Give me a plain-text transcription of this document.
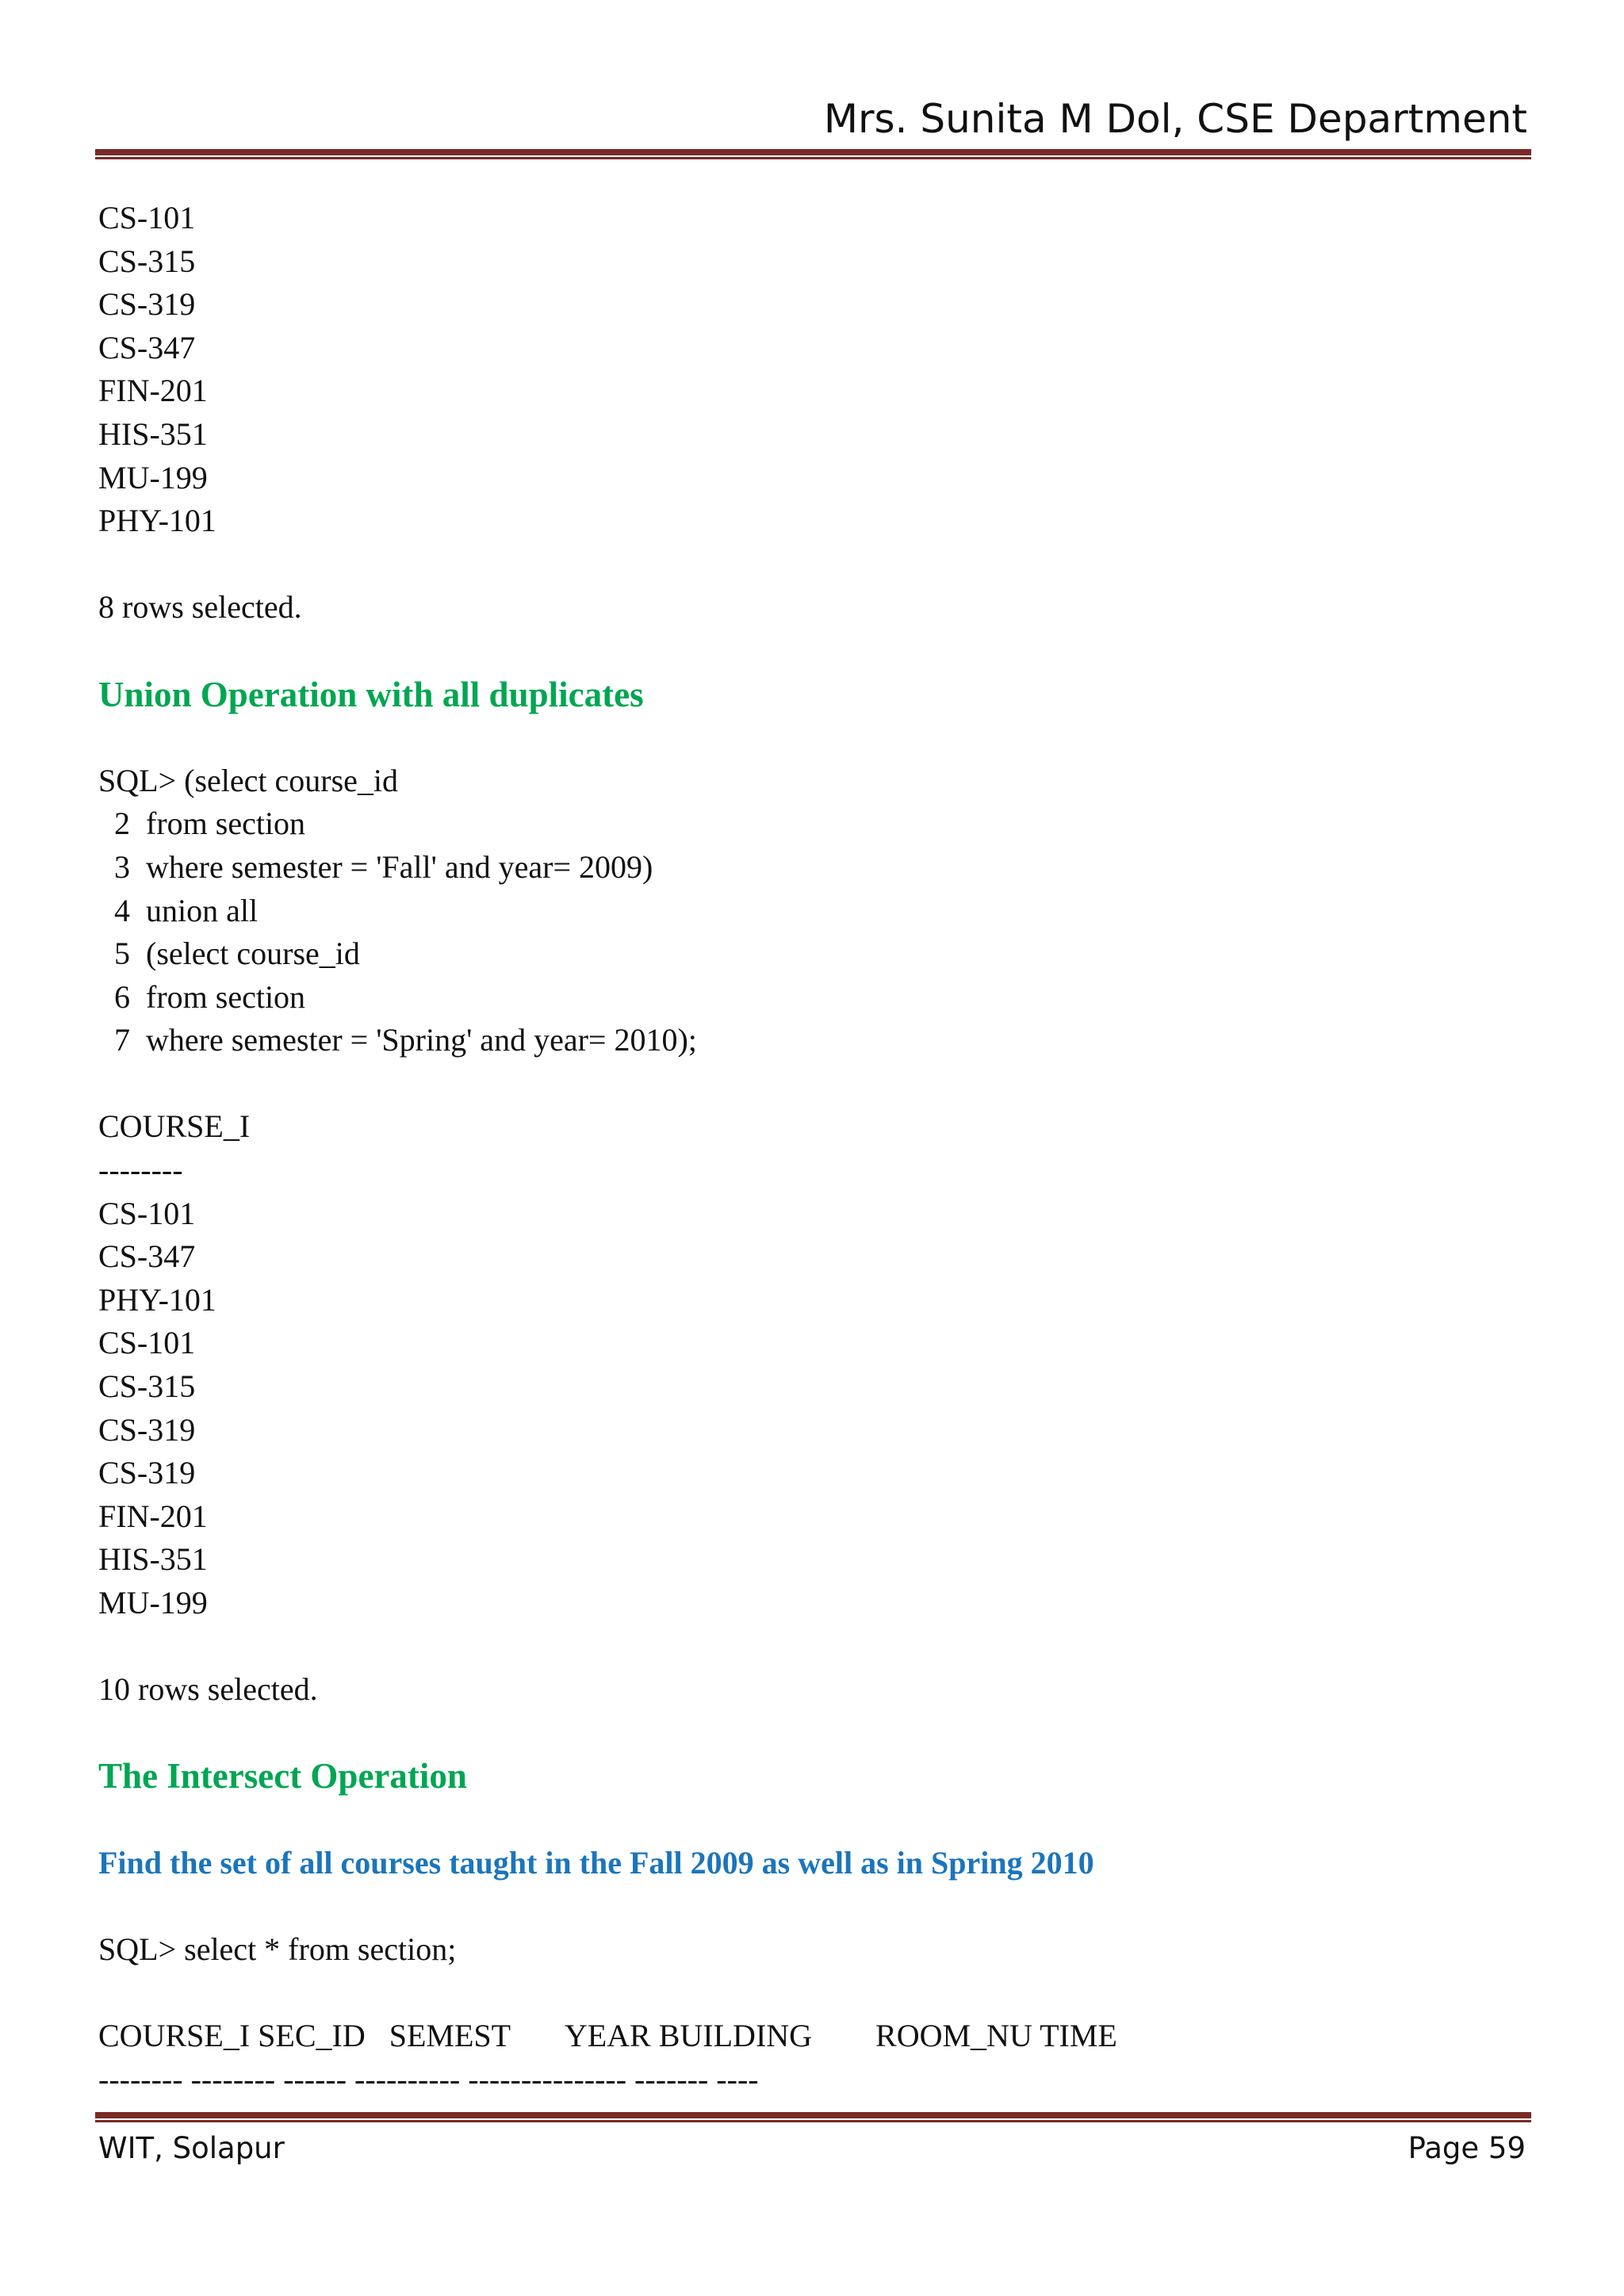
Mrs. Sunita M Dol, CSE Department
CS-101
CS-315
CS-319
CS-347
FIN-201
HIS-351
MU-199
PHY-101
8 rows selected.
Union Operation with all duplicates
SQL> (select course_id
2  from section
3  where semester = 'Fall' and year= 2009)
4  union all
5  (select course_id
6  from section
7  where semester = 'Spring' and year= 2010);
COURSE_I
--------
CS-101
CS-347
PHY-101
CS-101
CS-315
CS-319
CS-319
FIN-201
HIS-351
MU-199
10 rows selected.
The Intersect Operation
Find the set of all courses taught in the Fall 2009 as well as in Spring 2010
SQL> select * from section;
COURSE_I SEC_ID   SEMEST       YEAR BUILDING        ROOM_NU TIME
-------- -------- ------ ---------- --------------- ------- ----
WIT, Solapur	Page 59
